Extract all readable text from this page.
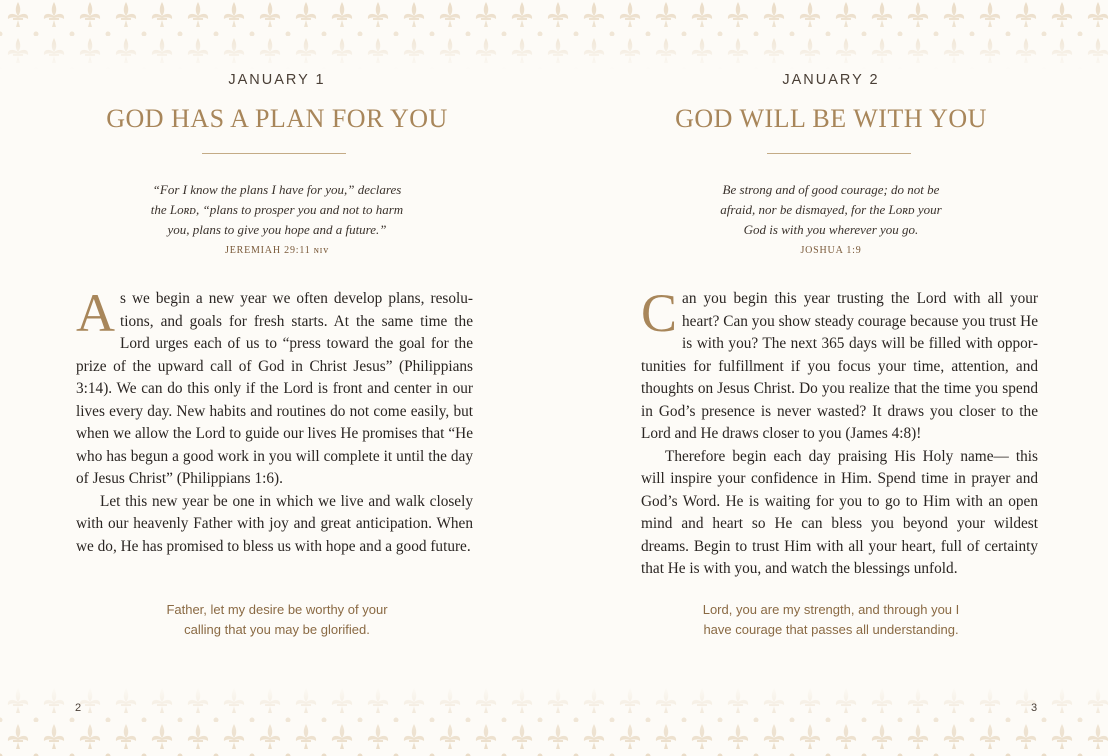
JANUARY 1
GOD HAS A PLAN FOR YOU
“For I know the plans I have for you,” declares
the Lᴏʀᴅ, “plans to prosper you and not to harm
you, plans to give you hope and a future.”
JEREMIAH 29:11 ɴɪᴠ

As we begin a new year we often develop plans, resolutions, and goals for fresh starts. At the same time the Lord urges each of us to “press toward the goal for the prize of the upward call of God in Christ Jesus” (Philippians 3:14). We can do this only if the Lord is front and center in our lives every day. New habits and routines do not come easily, but when we allow the Lord to guide our lives He promises that “He who has begun a good work in you will complete it until the day of Jesus Christ” (Philippians 1:6).

Let this new year be one in which we live and walk closely with our heavenly Father with joy and great anticipation. When we do, He has promised to bless us with hope and a good future.

Father, let my desire be worthy of your
calling that you may be glorified.
2
JANUARY 2
GOD WILL BE WITH YOU
Be strong and of good courage; do not be
afraid, nor be dismayed, for the Lᴏʀᴅ your
God is with you wherever you go.
JOSHUA 1:9

Can you begin this year trusting the Lord with all your heart? Can you show steady courage because you trust He is with you? The next 365 days will be filled with opportunities for fulfillment if you focus your time, attention, and thoughts on Jesus Christ. Do you realize that the time you spend in God’s presence is never wasted? It draws you closer to the Lord and He draws closer to you (James 4:8)!

Therefore begin each day praising His Holy name— this will inspire your confidence in Him. Spend time in prayer and God’s Word. He is waiting for you to go to Him with an open mind and heart so He can bless you beyond your wildest dreams. Begin to trust Him with all your heart, full of certainty that He is with you, and watch the blessings unfold.

Lord, you are my strength, and through you I
have courage that passes all understanding.
3
